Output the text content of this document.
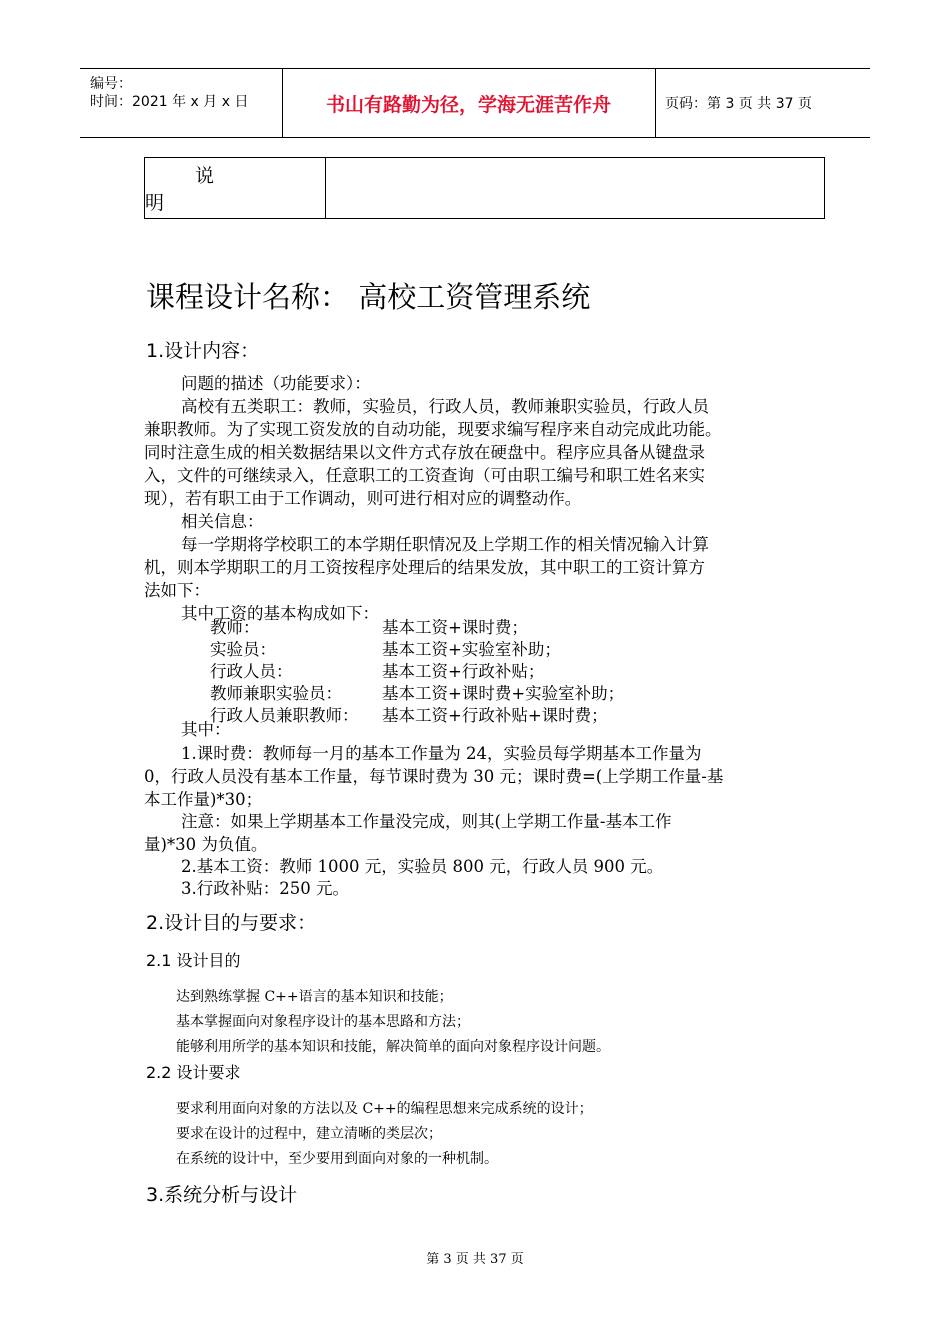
编号：
时间：2021 年 x 月 x 日	书山有路勤为径，学海无涯苦作舟	页码：第 3 页 共 37 页
说明
课程设计名称： 高校工资管理系统
1.设计内容：
问题的描述（功能要求）：
高校有五类职工：教师，实验员，行政人员，教师兼职实验员，行政人员
兼职教师。为了实现工资发放的自动功能，现要求编写程序来自动完成此功能。
同时注意生成的相关数据结果以文件方式存放在硬盘中。程序应具备从键盘录
入，文件的可继续录入，任意职工的工资查询（可由职工编号和职工姓名来实
现），若有职工由于工作调动，则可进行相对应的调整动作。
相关信息：
每一学期将学校职工的本学期任职情况及上学期工作的相关情况输入计算
机，则本学期职工的月工资按程序处理后的结果发放，其中职工的工资计算方
法如下：
其中工资的基本构成如下：
教师：	基本工资+课时费；
实验员：	基本工资+实验室补助；
行政人员：	基本工资+行政补贴；
教师兼职实验员： 基本工资+课时费+实验室补助；
行政人员兼职教师： 基本工资+行政补贴+课时费；
其中：
1.课时费：教师每一月的基本工作量为 24，实验员每学期基本工作量为
0，行政人员没有基本工作量，每节课时费为 30 元；课时费=(上学期工作量-基
本工作量)*30；
注意：如果上学期基本工作量没完成，则其(上学期工作量-基本工作
量)*30 为负值。
2.基本工资：教师 1000 元，实验员 800 元，行政人员 900 元。
3.行政补贴：250 元。
2.设计目的与要求：
2.1 设计目的
达到熟练掌握 C++语言的基本知识和技能；
基本掌握面向对象程序设计的基本思路和方法；
能够利用所学的基本知识和技能，解决简单的面向对象程序设计问题。
2.2 设计要求
要求利用面向对象的方法以及 C++的编程思想来完成系统的设计；
要求在设计的过程中，建立清晰的类层次；
在系统的设计中，至少要用到面向对象的一种机制。
3.系统分析与设计
第 3 页 共 37 页
